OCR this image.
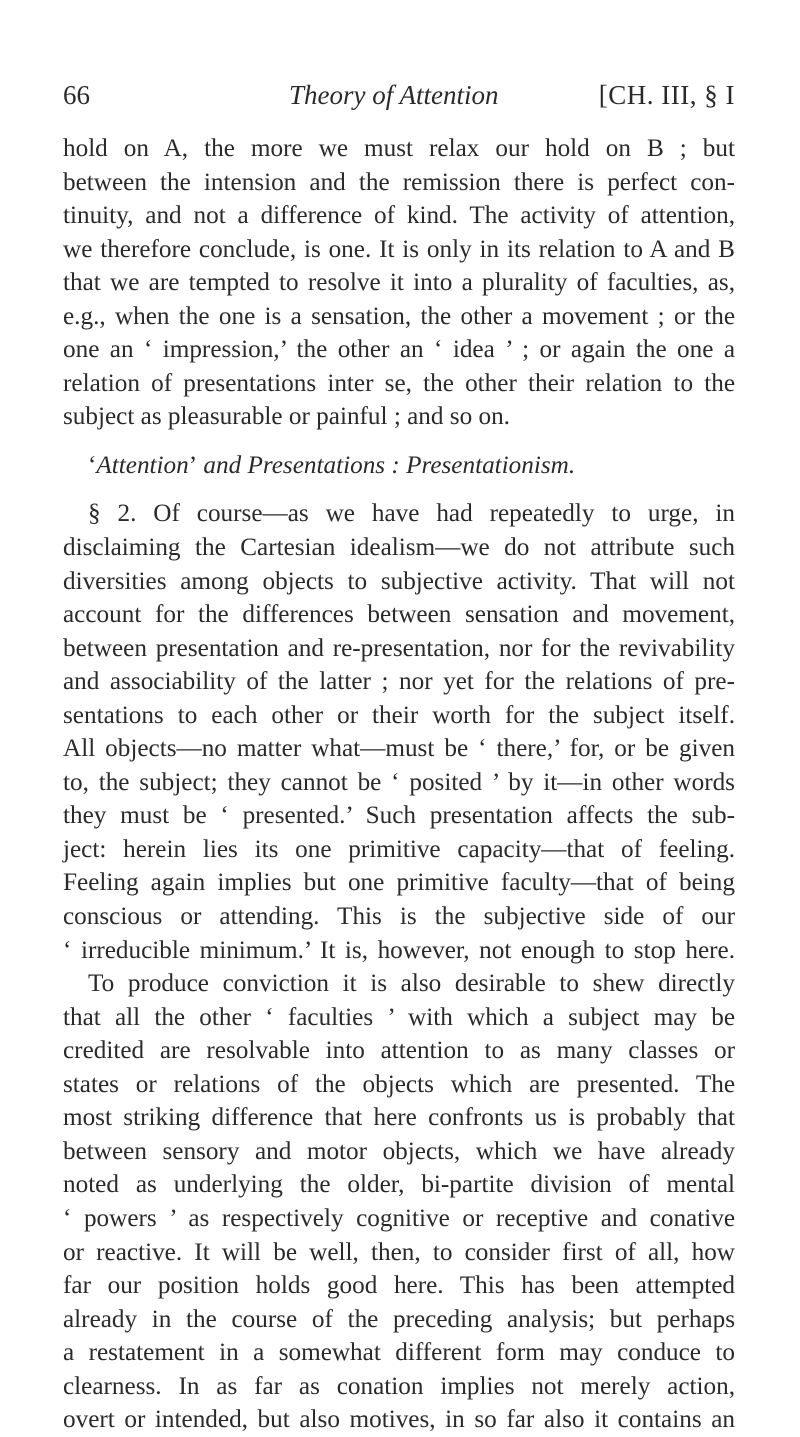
66	Theory of Attention	[CH. III, § I
hold on A, the more we must relax our hold on B ; but
between the intension and the remission there is perfect con-
tinuity, and not a difference of kind. The activity of attention,
we therefore conclude, is one. It is only in its relation to A and B
that we are tempted to resolve it into a plurality of faculties, as,
e.g., when the one is a sensation, the other a movement ; or the
one an ‘ impression,’ the other an ‘ idea ’ ; or again the one a
relation of presentations inter se, the other their relation to the
subject as pleasurable or painful ; and so on.
‘Attention’ and Presentations : Presentationism.
§ 2. Of course—as we have had repeatedly to urge, in
disclaiming the Cartesian idealism—we do not attribute such
diversities among objects to subjective activity. That will not
account for the differences between sensation and movement,
between presentation and re-presentation, nor for the revivability
and associability of the latter ; nor yet for the relations of pre-
sentations to each other or their worth for the subject itself.
All objects—no matter what—must be ‘ there,’ for, or be given
to, the subject; they cannot be ‘ posited ’ by it—in other words
they must be ‘ presented.’ Such presentation affects the sub-
ject: herein lies its one primitive capacity—that of feeling.
Feeling again implies but one primitive faculty—that of being
conscious or attending. This is the subjective side of our
‘ irreducible minimum.’ It is, however, not enough to stop here.
To produce conviction it is also desirable to shew directly
that all the other ‘ faculties ’ with which a subject may be
credited are resolvable into attention to as many classes or
states or relations of the objects which are presented. The
most striking difference that here confronts us is probably that
between sensory and motor objects, which we have already
noted as underlying the older, bi-partite division of mental
‘ powers ’ as respectively cognitive or receptive and conative
or reactive. It will be well, then, to consider first of all, how
far our position holds good here. This has been attempted
already in the course of the preceding analysis; but perhaps
a restatement in a somewhat different form may conduce to
clearness. In as far as conation implies not merely action,
overt or intended, but also motives, in so far also it contains an
